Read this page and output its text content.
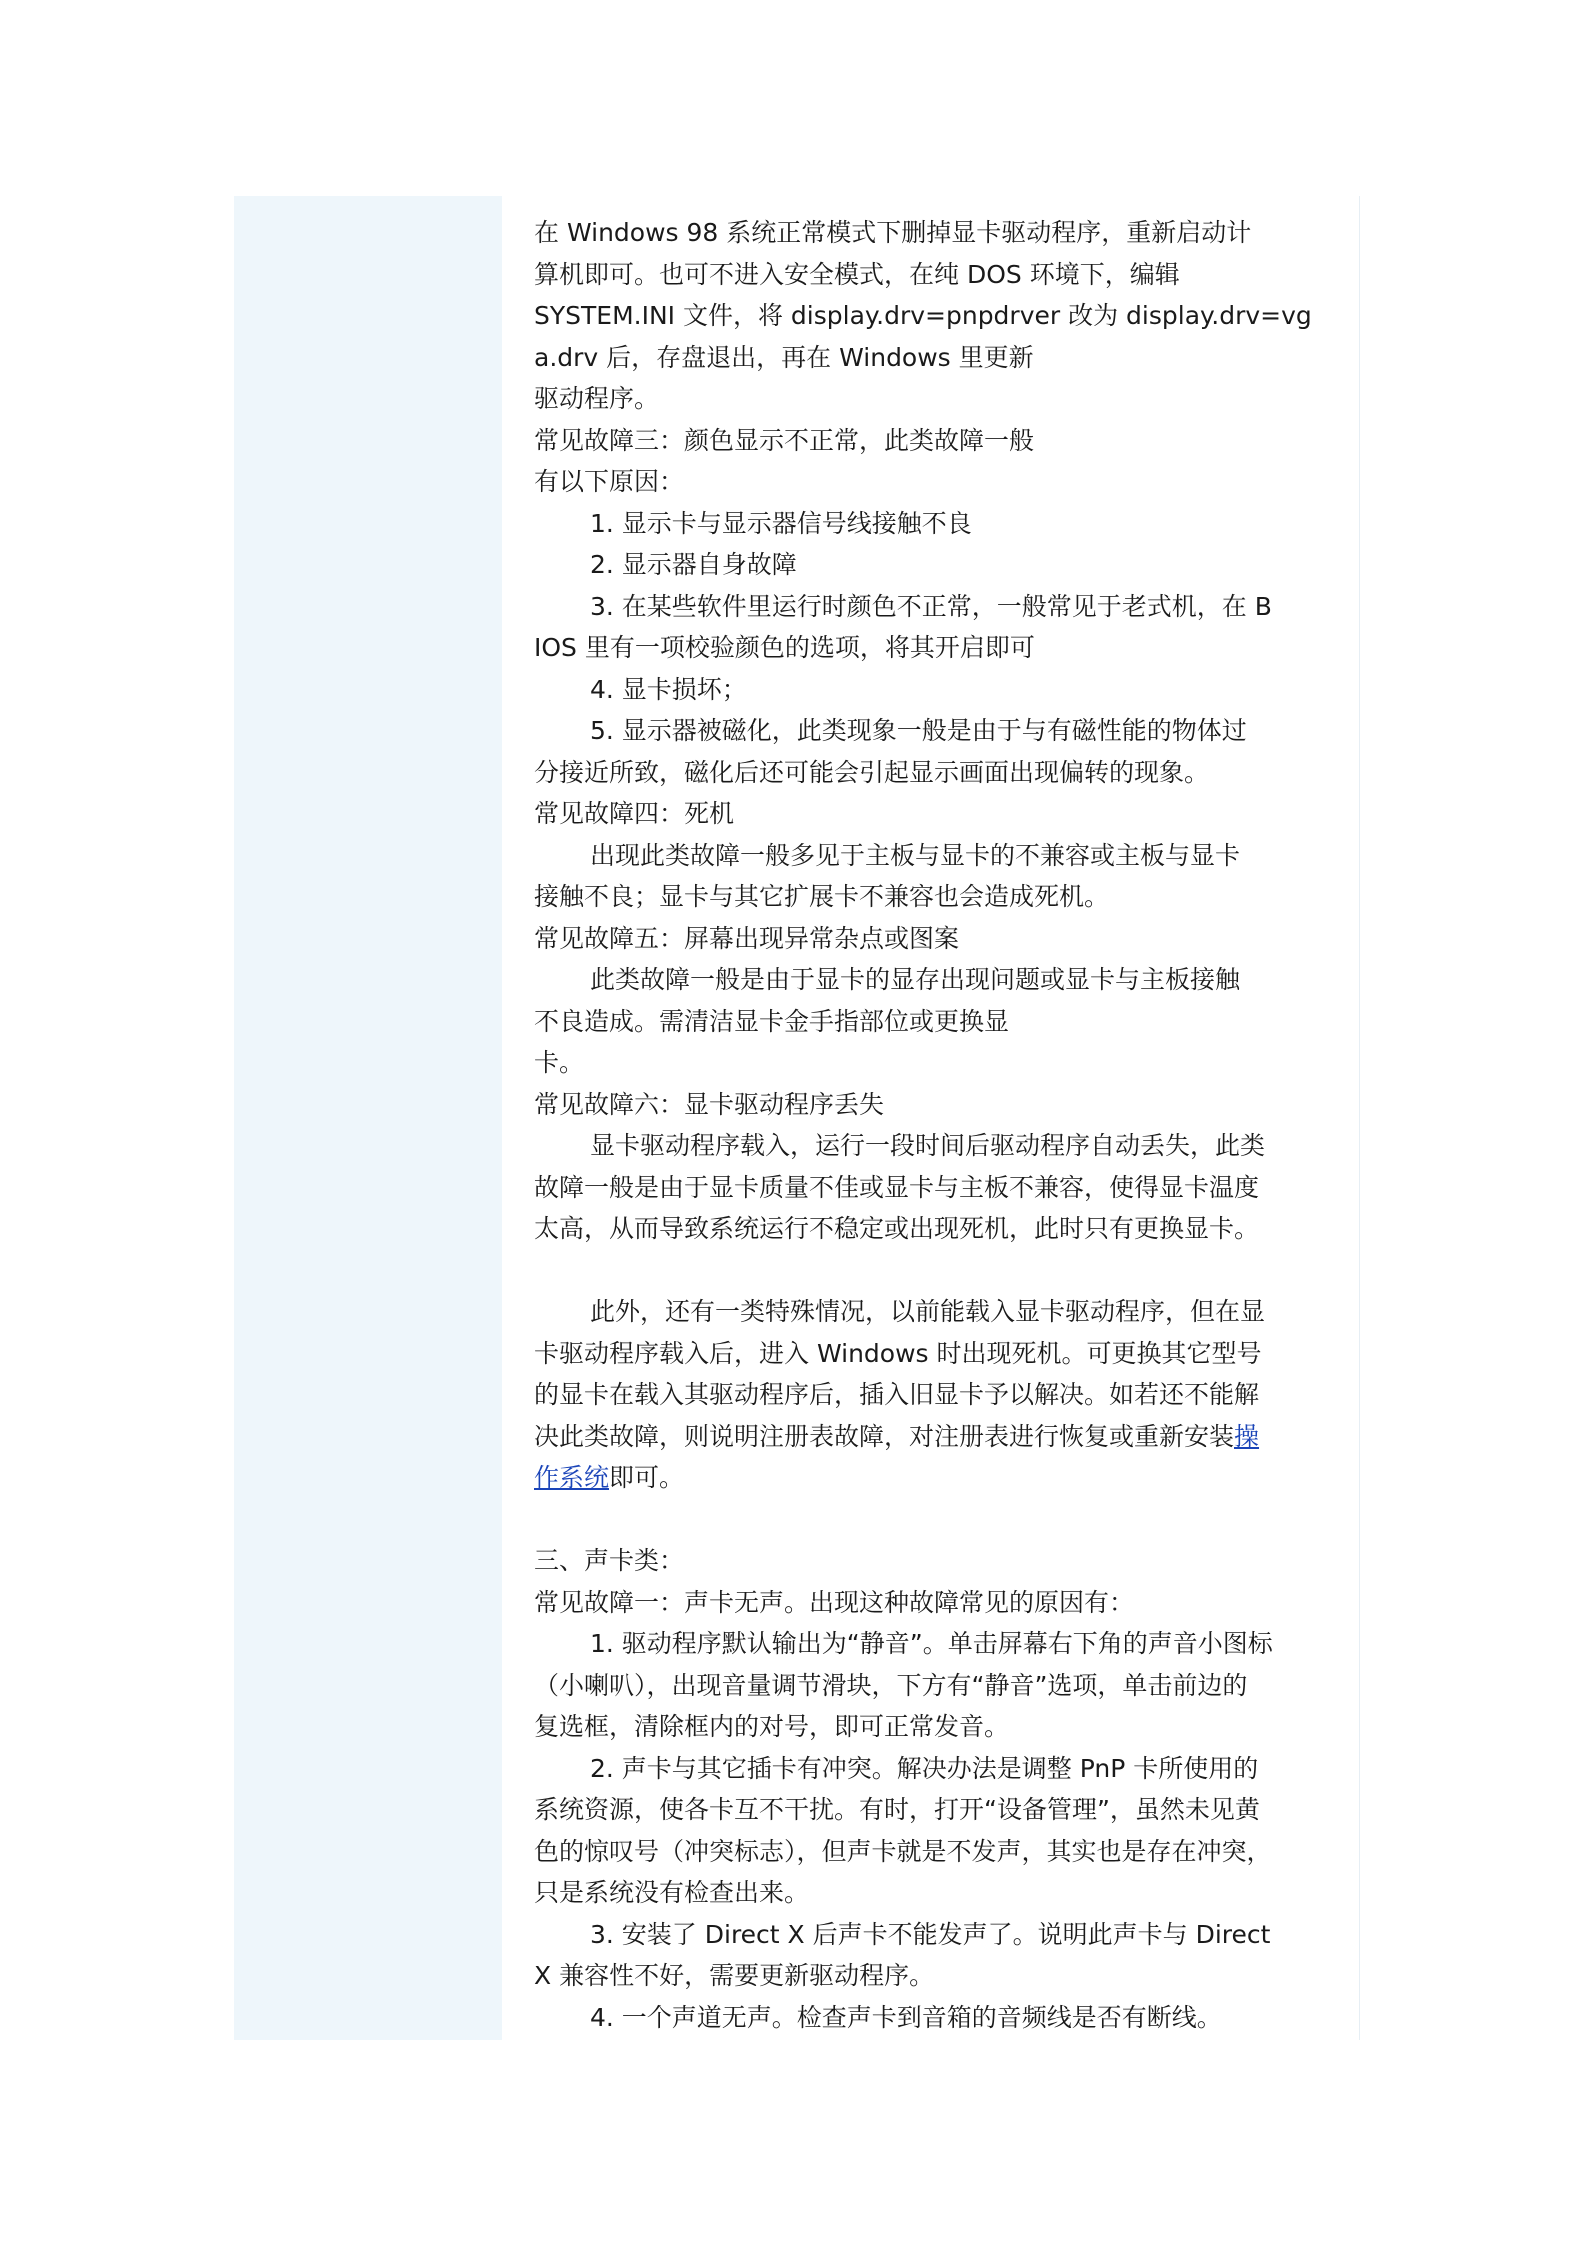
在 Windows 98 系统正常模式下删掉显卡驱动程序，重新启动计
算机即可。也可不进入安全模式，在纯 DOS 环境下，编辑
SYSTEM.INI 文件，将 display.drv=pnpdrver 改为 display.drv=vg
a.drv 后，存盘退出，再在 Windows 里更新
驱动程序。
常见故障三：颜色显示不正常，此类故障一般
有以下原因：
1. 显示卡与显示器信号线接触不良
2. 显示器自身故障
3. 在某些软件里运行时颜色不正常，一般常见于老式机，在 B
IOS 里有一项校验颜色的选项，将其开启即可
4. 显卡损坏；
5. 显示器被磁化，此类现象一般是由于与有磁性能的物体过
分接近所致，磁化后还可能会引起显示画面出现偏转的现象。
常见故障四：死机
出现此类故障一般多见于主板与显卡的不兼容或主板与显卡
接触不良；显卡与其它扩展卡不兼容也会造成死机。
常见故障五：屏幕出现异常杂点或图案
此类故障一般是由于显卡的显存出现问题或显卡与主板接触
不良造成。需清洁显卡金手指部位或更换显
卡。
常见故障六：显卡驱动程序丢失
显卡驱动程序载入，运行一段时间后驱动程序自动丢失，此类
故障一般是由于显卡质量不佳或显卡与主板不兼容，使得显卡温度
太高，从而导致系统运行不稳定或出现死机，此时只有更换显卡。
此外，还有一类特殊情况，以前能载入显卡驱动程序，但在显
卡驱动程序载入后，进入 Windows 时出现死机。可更换其它型号
的显卡在载入其驱动程序后，插入旧显卡予以解决。如若还不能解
决此类故障，则说明注册表故障，对注册表进行恢复或重新安装操
作系统即可。
三、声卡类：
常见故障一：声卡无声。出现这种故障常见的原因有：
1. 驱动程序默认输出为“静音”。单击屏幕右下角的声音小图标
（小喇叭），出现音量调节滑块，下方有“静音”选项，单击前边的
复选框，清除框内的对号，即可正常发音。
2. 声卡与其它插卡有冲突。解决办法是调整 PnP 卡所使用的
系统资源，使各卡互不干扰。有时，打开“设备管理”，虽然未见黄
色的惊叹号（冲突标志），但声卡就是不发声，其实也是存在冲突，
只是系统没有检查出来。
3. 安装了 Direct X 后声卡不能发声了。说明此声卡与 Direct
X 兼容性不好，需要更新驱动程序。
4. 一个声道无声。检查声卡到音箱的音频线是否有断线。
